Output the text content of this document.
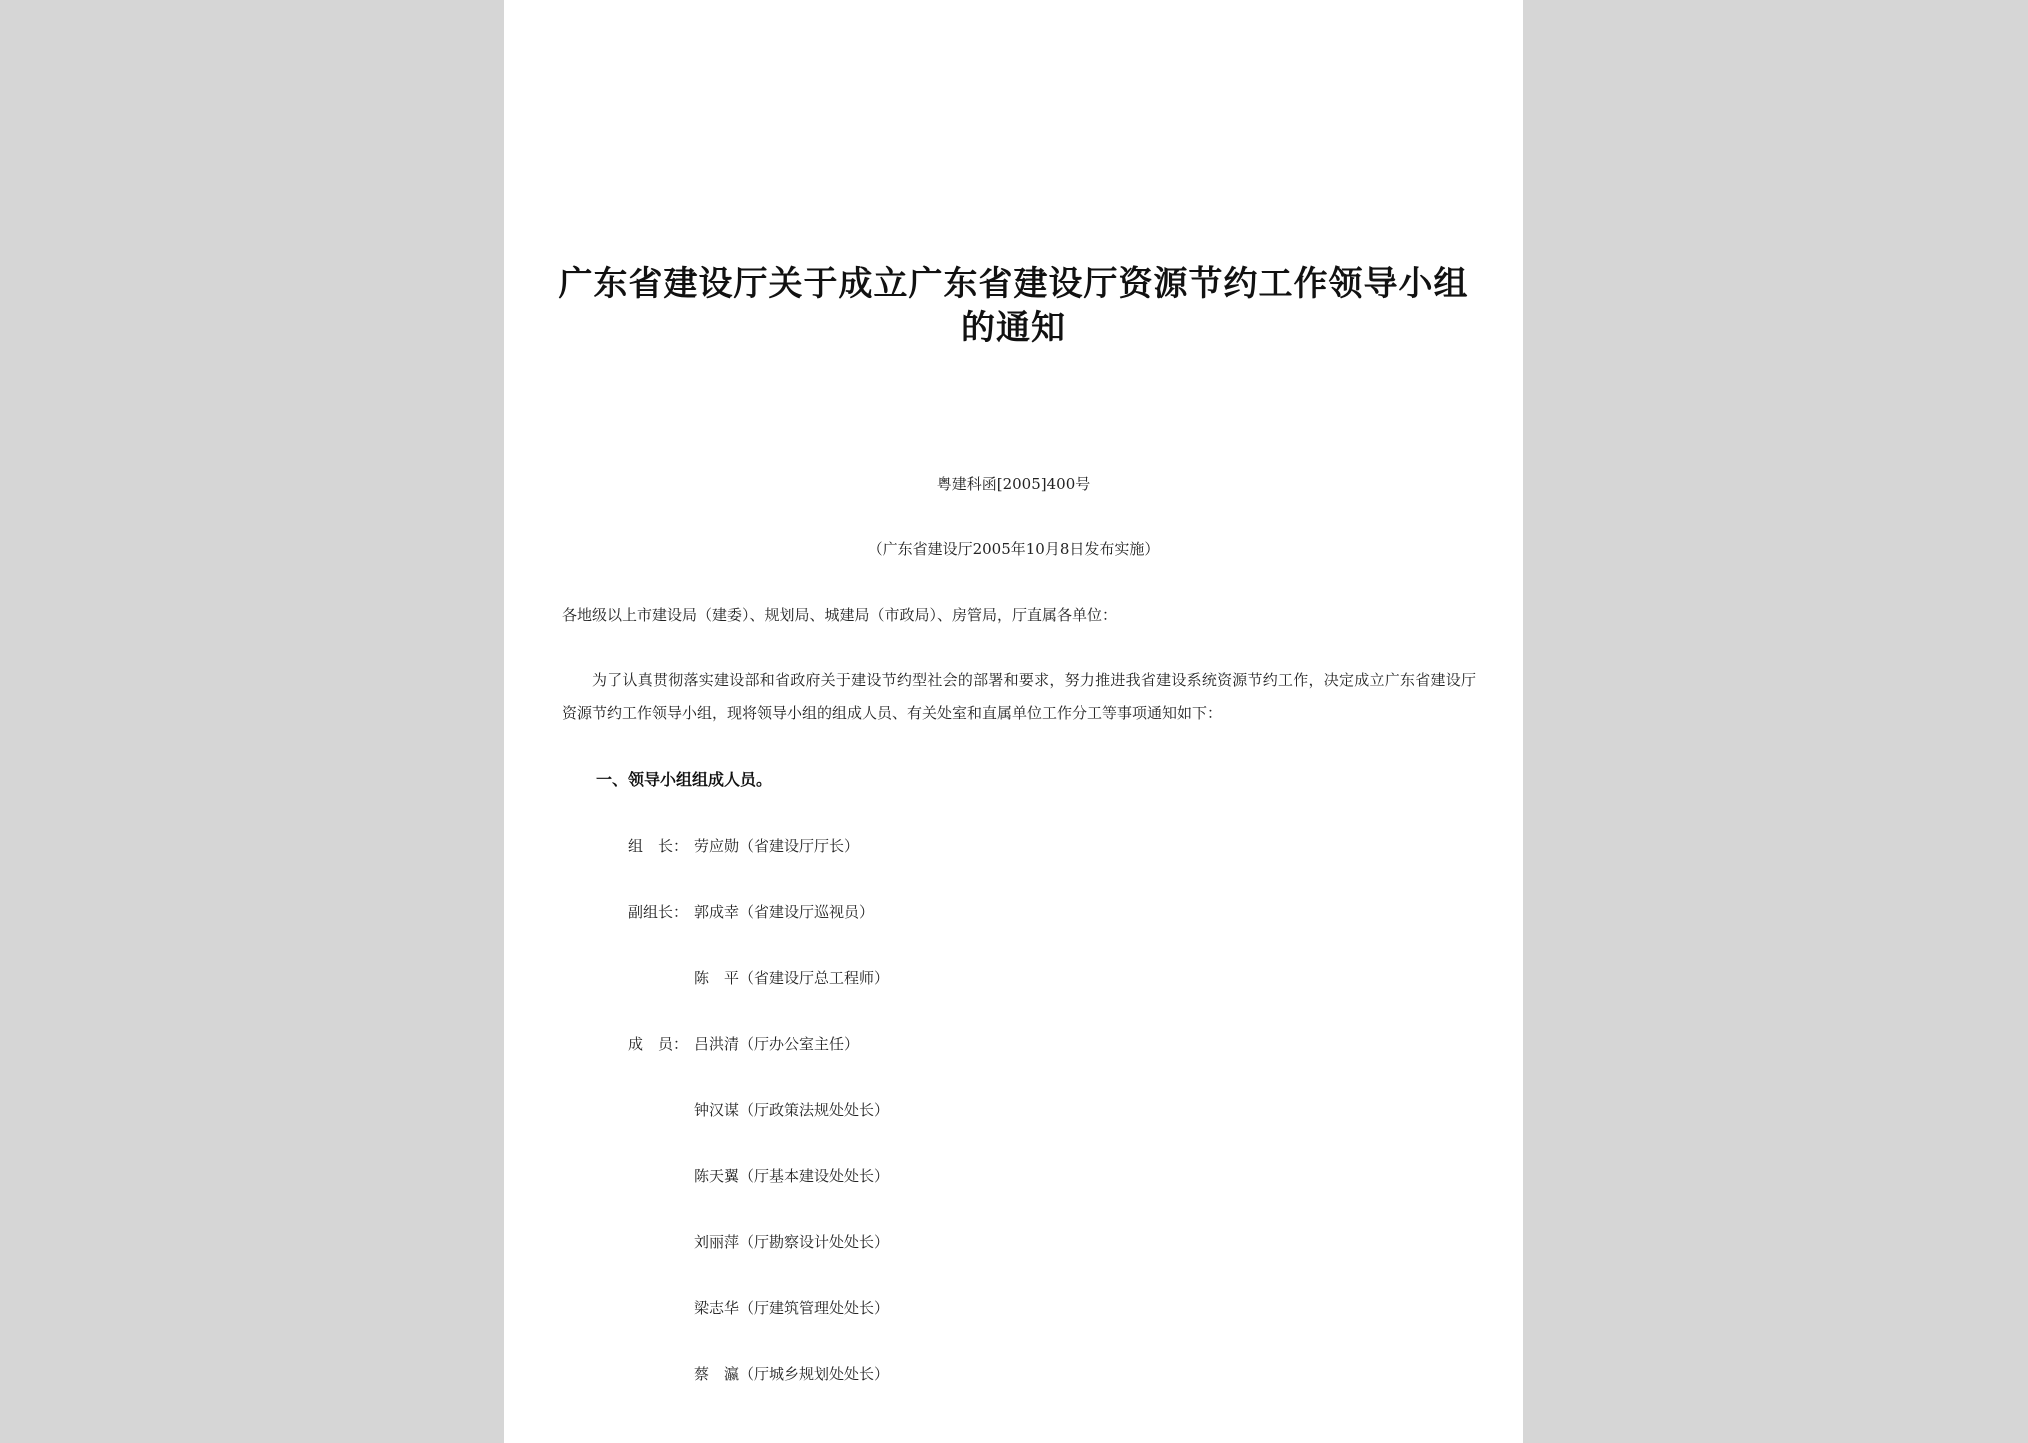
广东省建设厅关于成立广东省建设厅资源节约工作领导小组的通知
粤建科函[2005]400号
（广东省建设厅2005年10月8日发布实施）
各地级以上市建设局（建委）、规划局、城建局（市政局）、房管局，厅直属各单位：
为了认真贯彻落实建设部和省政府关于建设节约型社会的部署和要求，努力推进我省建设系统资源节约工作，决定成立广东省建设厅资源节约工作领导小组，现将领导小组的组成人员、有关处室和直属单位工作分工等事项通知如下：
一、领导小组组成人员。
组　长： 劳应勋（省建设厅厅长）
副组长： 郭成幸（省建设厅巡视员）
陈　平（省建设厅总工程师）
成　员： 吕洪清（厅办公室主任）
钟汉谋（厅政策法规处处长）
陈天翼（厅基本建设处处长）
刘丽萍（厅勘察设计处处长）
梁志华（厅建筑管理处处长）
蔡　瀛（厅城乡规划处处长）
